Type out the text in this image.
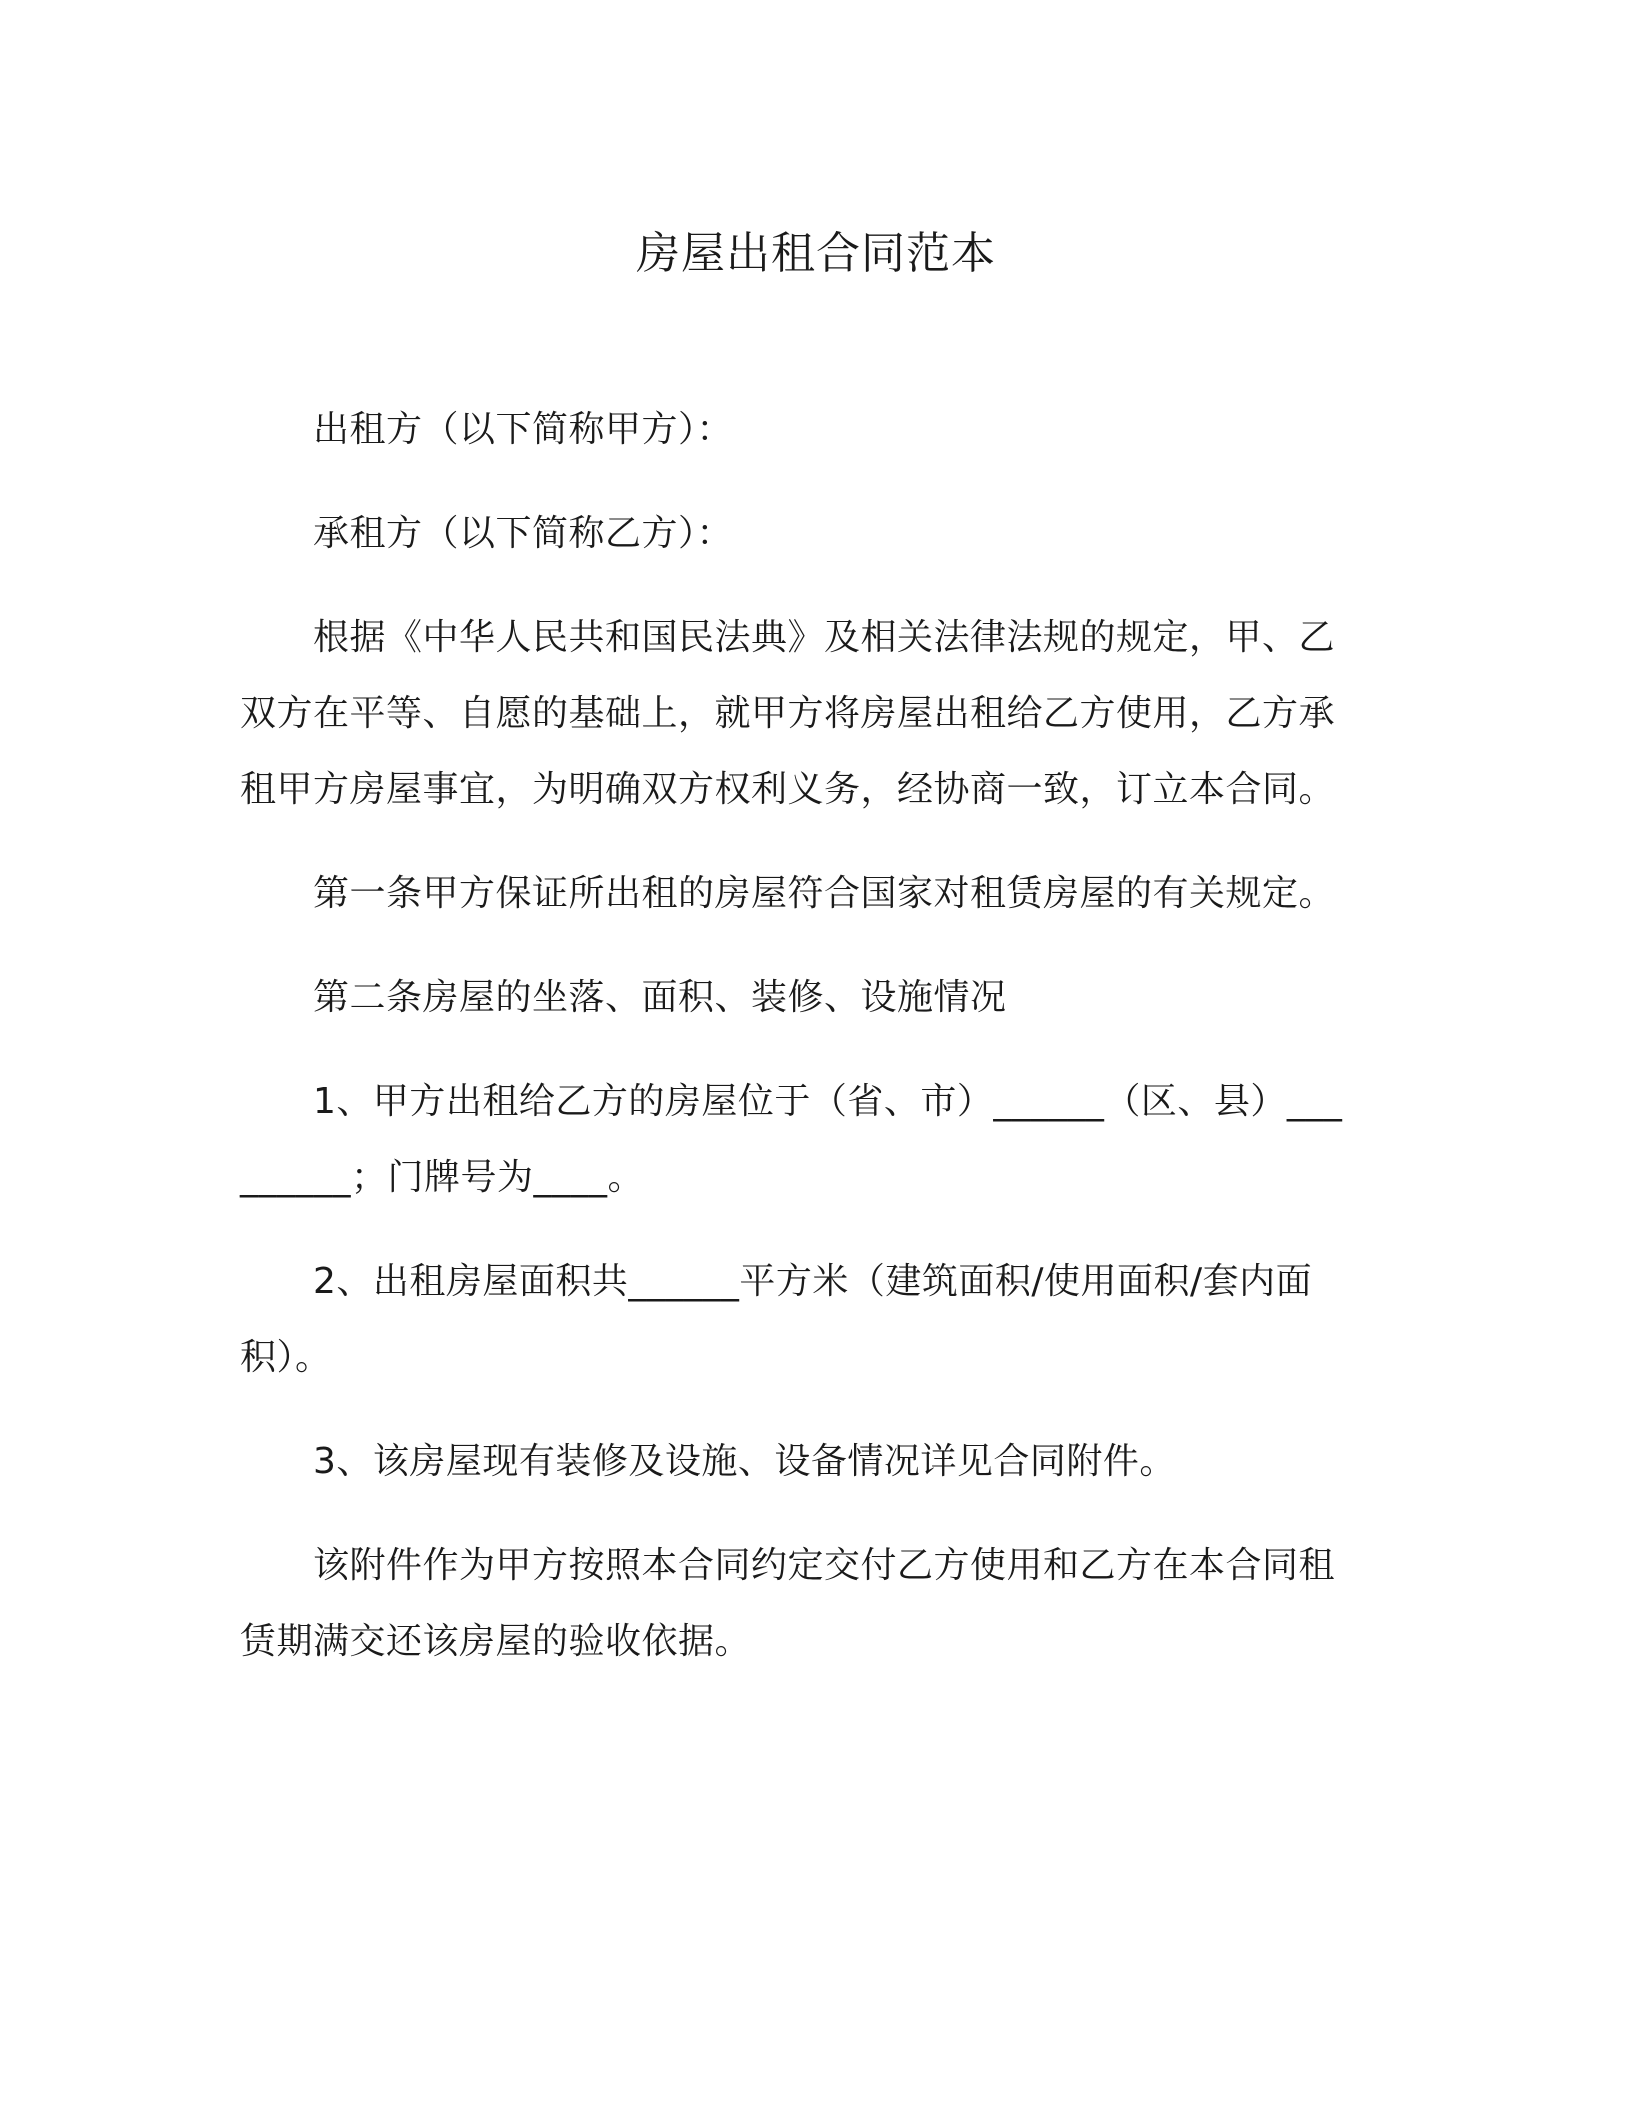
房屋出租合同范本

出租方（以下简称甲方）：

承租方（以下简称乙方）：

根据《中华人民共和国民法典》及相关法律法规的规定，甲、乙双方在平等、自愿的基础上，就甲方将房屋出租给乙方使用，乙方承租甲方房屋事宜，为明确双方权利义务，经协商一致，订立本合同。

第一条甲方保证所出租的房屋符合国家对租赁房屋的有关规定。

第二条房屋的坐落、面积、装修、设施情况

1、甲方出租给乙方的房屋位于（省、市）______（区、县）_________；门牌号为____。

2、出租房屋面积共______平方米（建筑面积/使用面积/套内面积）。

3、该房屋现有装修及设施、设备情况详见合同附件。

该附件作为甲方按照本合同约定交付乙方使用和乙方在本合同租赁期满交还该房屋的验收依据。
